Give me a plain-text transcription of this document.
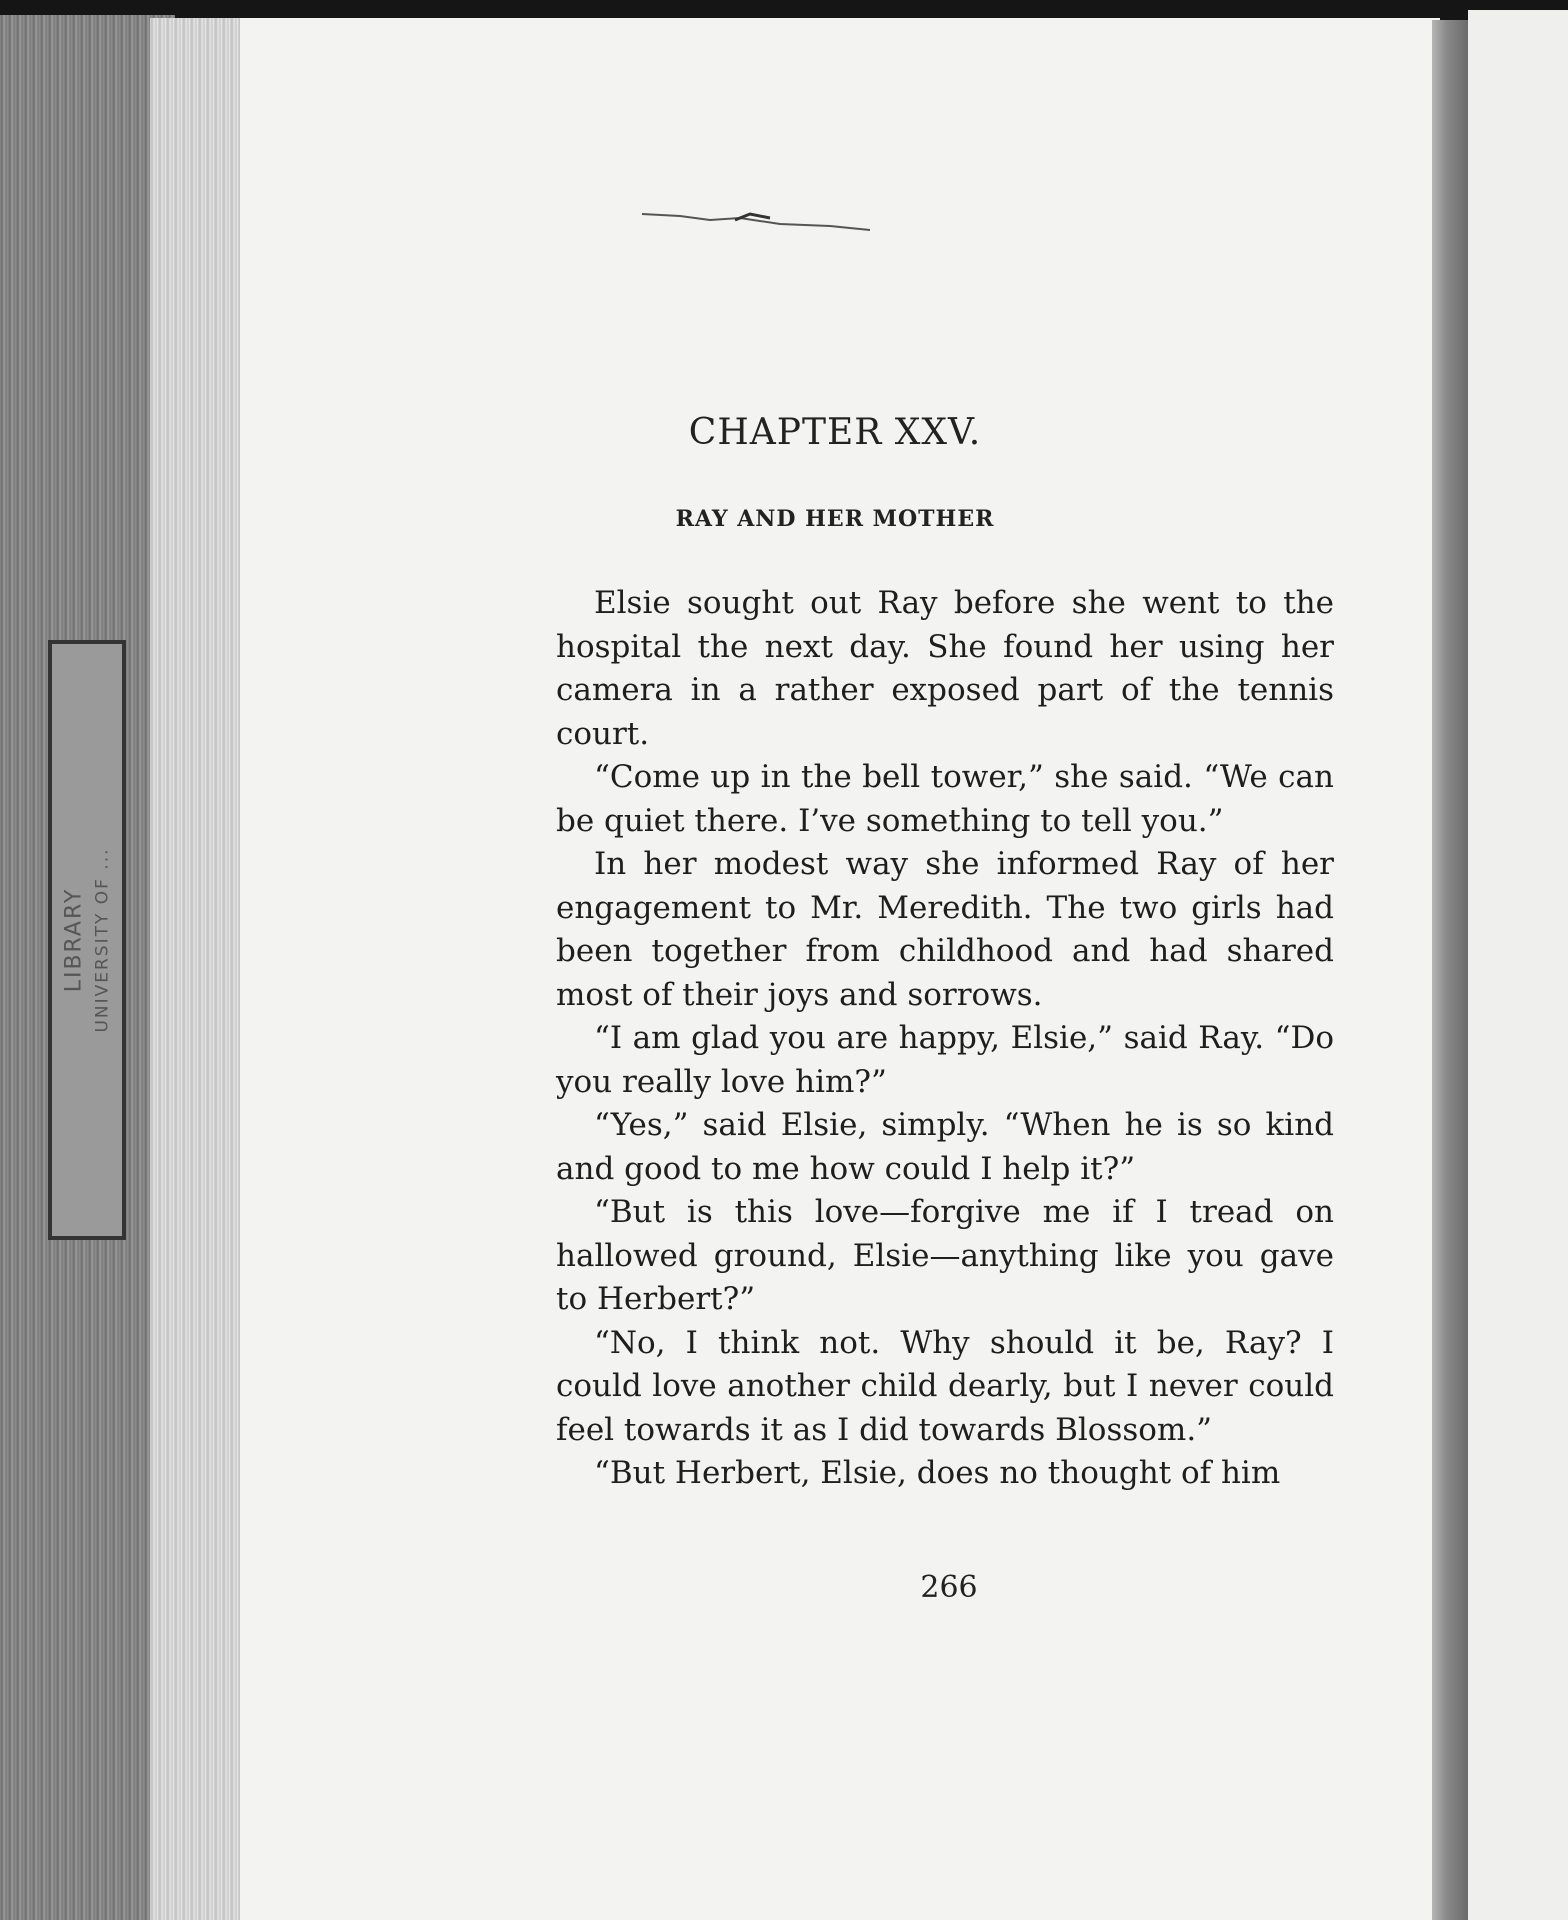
LIBRARY UNIVERSITY OF ...
CHAPTER XXV.
RAY AND HER MOTHER

Elsie sought out Ray before she went to the hospital the next day. She found her using her camera in a rather exposed part of the tennis court.

“Come up in the bell tower,” she said. “We can be quiet there. I’ve something to tell you.”

In her modest way she informed Ray of her engagement to Mr. Meredith. The two girls had been together from childhood and had shared most of their joys and sorrows.

“I am glad you are happy, Elsie,” said Ray. “Do you really love him?”

“Yes,” said Elsie, simply. “When he is so kind and good to me how could I help it?”

“But is this love—forgive me if I tread on hallowed ground, Elsie—anything like you gave to Herbert?”

“No, I think not. Why should it be, Ray? I could love another child dearly, but I never could feel towards it as I did towards Blossom.”

“But Herbert, Elsie, does no thought of him

266
